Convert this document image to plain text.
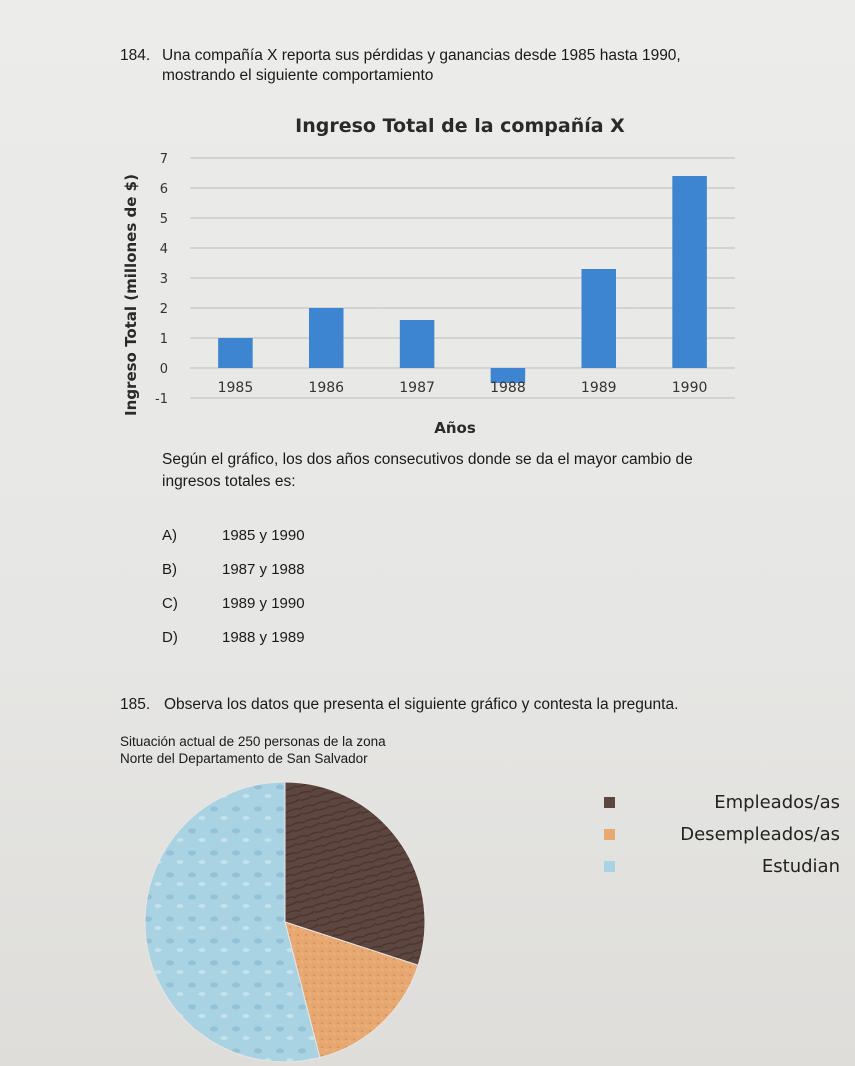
184. Una compañía X reporta sus pérdidas y ganancias desde 1985 hasta 1990,
mostrando el siguiente comportamiento
Ingreso Total de la compañía X
-1
0
1
2
3
4
5
6
7
1985	1986	1987	1988	1989	1990
Ingreso Total (millones de $)
Años
Según el gráfico, los dos años consecutivos donde se da el mayor cambio de
ingresos totales es:
A)	1985 y 1990
B)	1987 y 1988
C)	1989 y 1990
D)	1988 y 1989
185. Observa los datos que presenta el siguiente gráfico y contesta la pregunta.
Situación actual de 250 personas de la zona
Norte del Departamento de San Salvador
Empleados/as
Desempleados/as
Estudian
